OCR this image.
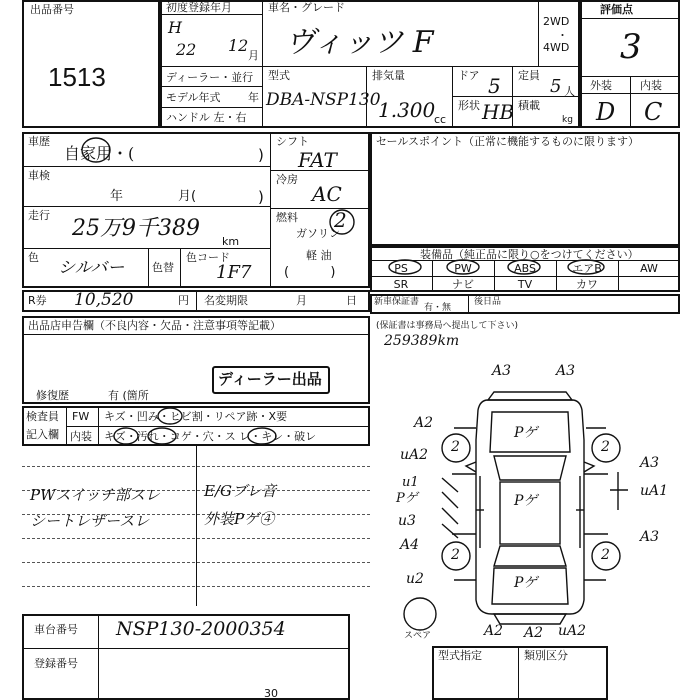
出品番号
1513
初度登録年月
H
22 12
月
車名・グレード
ヴィッツ F
2WD
・
4WD
ディーラー・並行
モデル年式	年
ハンドル 左・右
型式
DBA-NSP130
排気量
1.300
cc
ドア 5 定員
5 人
形状 HB 積載
kg
評価点
3
外装	内装
D C
車歴
自家用・(	)
車検
年	月(	)
走行
25万9千389
km
色
シルバー	色替
色コード
1F7
シフト
FAT
冷房
AC
燃料 2
ガソリン
軽 油
(          )
R券 10,520	円 名変期限	月	日
セールスポイント（正常に機能するものに限ります）
装備品（純正品に限り○をつけてください）
PS	PW	ABS	エアB	AW
SR	ナビ	TV	カワ
新車保証書
有・無
後日品
(保証書は事務局へ提出して下さい)
259389km
出品店申告欄（不良内容・欠品・注意事項等記載）
ディーラー出品
修復歴	有 (箇所
検査員
記入欄
FW キズ・凹み・ヒビ割・リペア跡・X要
内装 キズ・汚れ・コゲ・穴・ス レ・キレ・破レ
PWスイッチ部スレ
シートレザースレ
E/Gブレ音
外装Pゲ④
車台番号 NSP130-2000354
登録番号
30
型式指定	類別区分
A3	A3
A2
uA2
u1
Pゲ
u3
A4
u2
A3
uA1
A3
A2 A2 uA2
Pゲ
Pゲ
Pゲ
2	2
2	2
スペア
